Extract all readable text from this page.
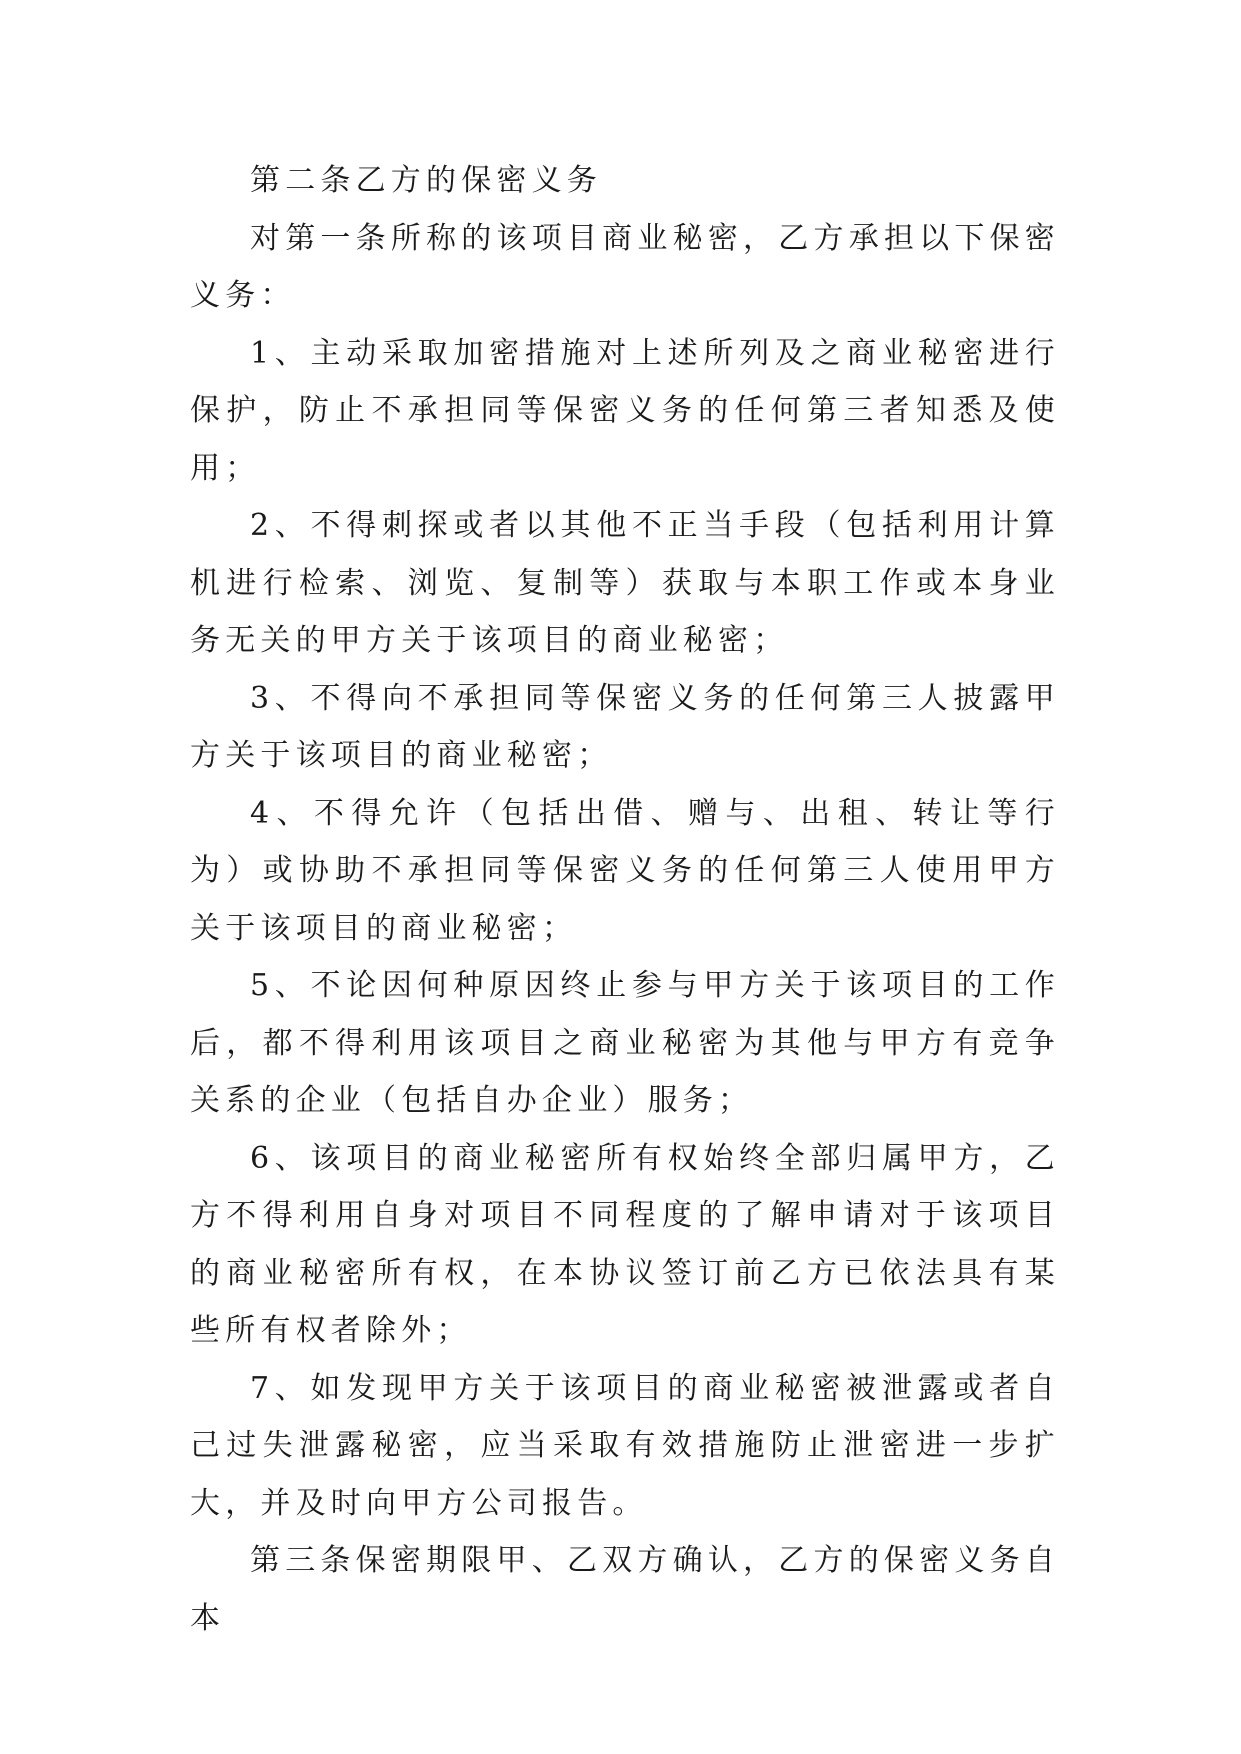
第二条乙方的保密义务

对第一条所称的该项目商业秘密，乙方承担以下保密义务：

1、主动采取加密措施对上述所列及之商业秘密进行保护，防止不承担同等保密义务的任何第三者知悉及使用；

2、不得刺探或者以其他不正当手段（包括利用计算机进行检索、浏览、复制等）获取与本职工作或本身业务无关的甲方关于该项目的商业秘密；

3、不得向不承担同等保密义务的任何第三人披露甲方关于该项目的商业秘密；

4、不得允许（包括出借、赠与、出租、转让等行为）或协助不承担同等保密义务的任何第三人使用甲方关于该项目的商业秘密；

5、不论因何种原因终止参与甲方关于该项目的工作后，都不得利用该项目之商业秘密为其他与甲方有竞争关系的企业（包括自办企业）服务；

6、该项目的商业秘密所有权始终全部归属甲方，乙方不得利用自身对项目不同程度的了解申请对于该项目的商业秘密所有权，在本协议签订前乙方已依法具有某些所有权者除外；

7、如发现甲方关于该项目的商业秘密被泄露或者自己过失泄露秘密，应当采取有效措施防止泄密进一步扩大，并及时向甲方公司报告。

第三条保密期限甲、乙双方确认，乙方的保密义务自本
